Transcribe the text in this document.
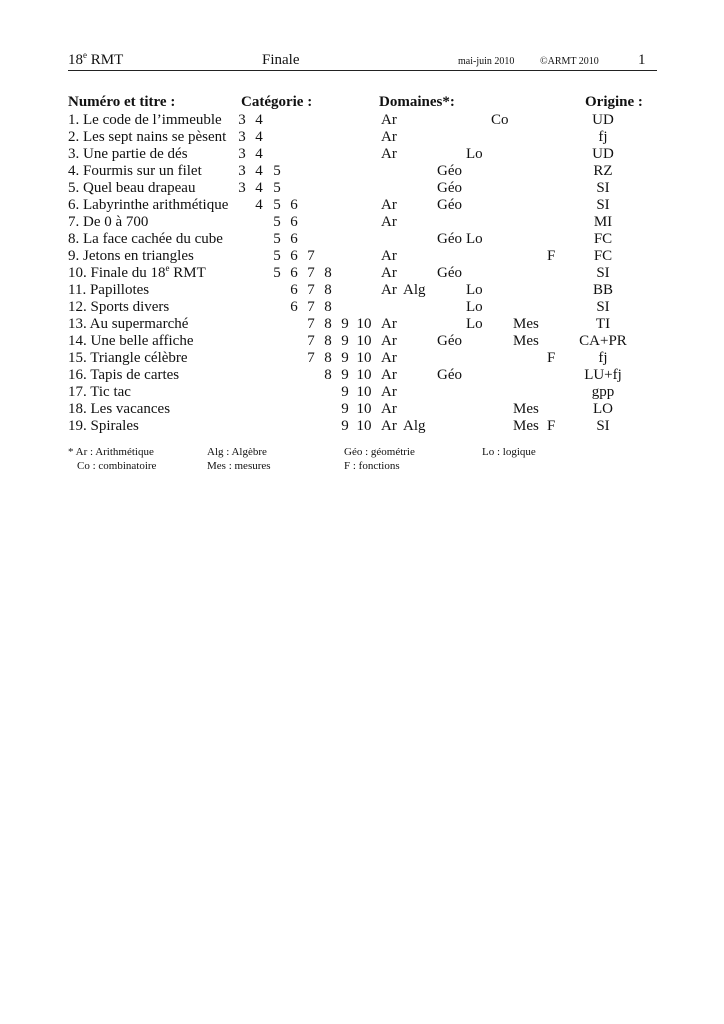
18e RMT	Finale	mai-juin 2010	©ARMT 2010	1
Numéro et titre :	Catégorie :	Domaines*:	Origine :
1. Le code de l’immeuble 3 4	Ar	Co	UD
2. Les sept nains se pèsent 3 4	Ar	fj
3. Une partie de dés	3 4	Ar	Lo	UD
4. Fourmis sur un filet 3 4 5	Géo	RZ
5. Quel beau drapeau	3 4 5	Géo	SI
6. Labyrinthe arithmétique 4 5 6	Ar	Géo	SI
7. De 0 à 700	5 6	Ar	MI
8. La face cachée du cube	5 6	Géo Lo	FC
9. Jetons en triangles	5 6 7	Ar	F	FC
10. Finale du 18e RMT	5 6 7 8	Ar	Géo	SI
11. Papillotes	6 7 8	Ar Alg	Lo	BB
12. Sports divers	6 7 8	Lo	SI
13. Au supermarché	7 8 9 10 Ar	Lo Mes	TI
14. Une belle affiche	7 8 9 10 Ar	Géo	Mes	CA+PR
15. Triangle célèbre	7 8 9 10 Ar	F	fj
16. Tapis de cartes	8 9 10 Ar	Géo	LU+fj
17. Tic tac	9 10 Ar	gpp
18. Les vacances	9 10 Ar	Mes	LO
19. Spirales	9 10 Ar Alg	Mes F	SI
* Ar : Arithmétique	Alg : Algèbre	Géo : géométrie	Lo : logique
Co : combinatoire	Mes : mesures	F : fonctions
